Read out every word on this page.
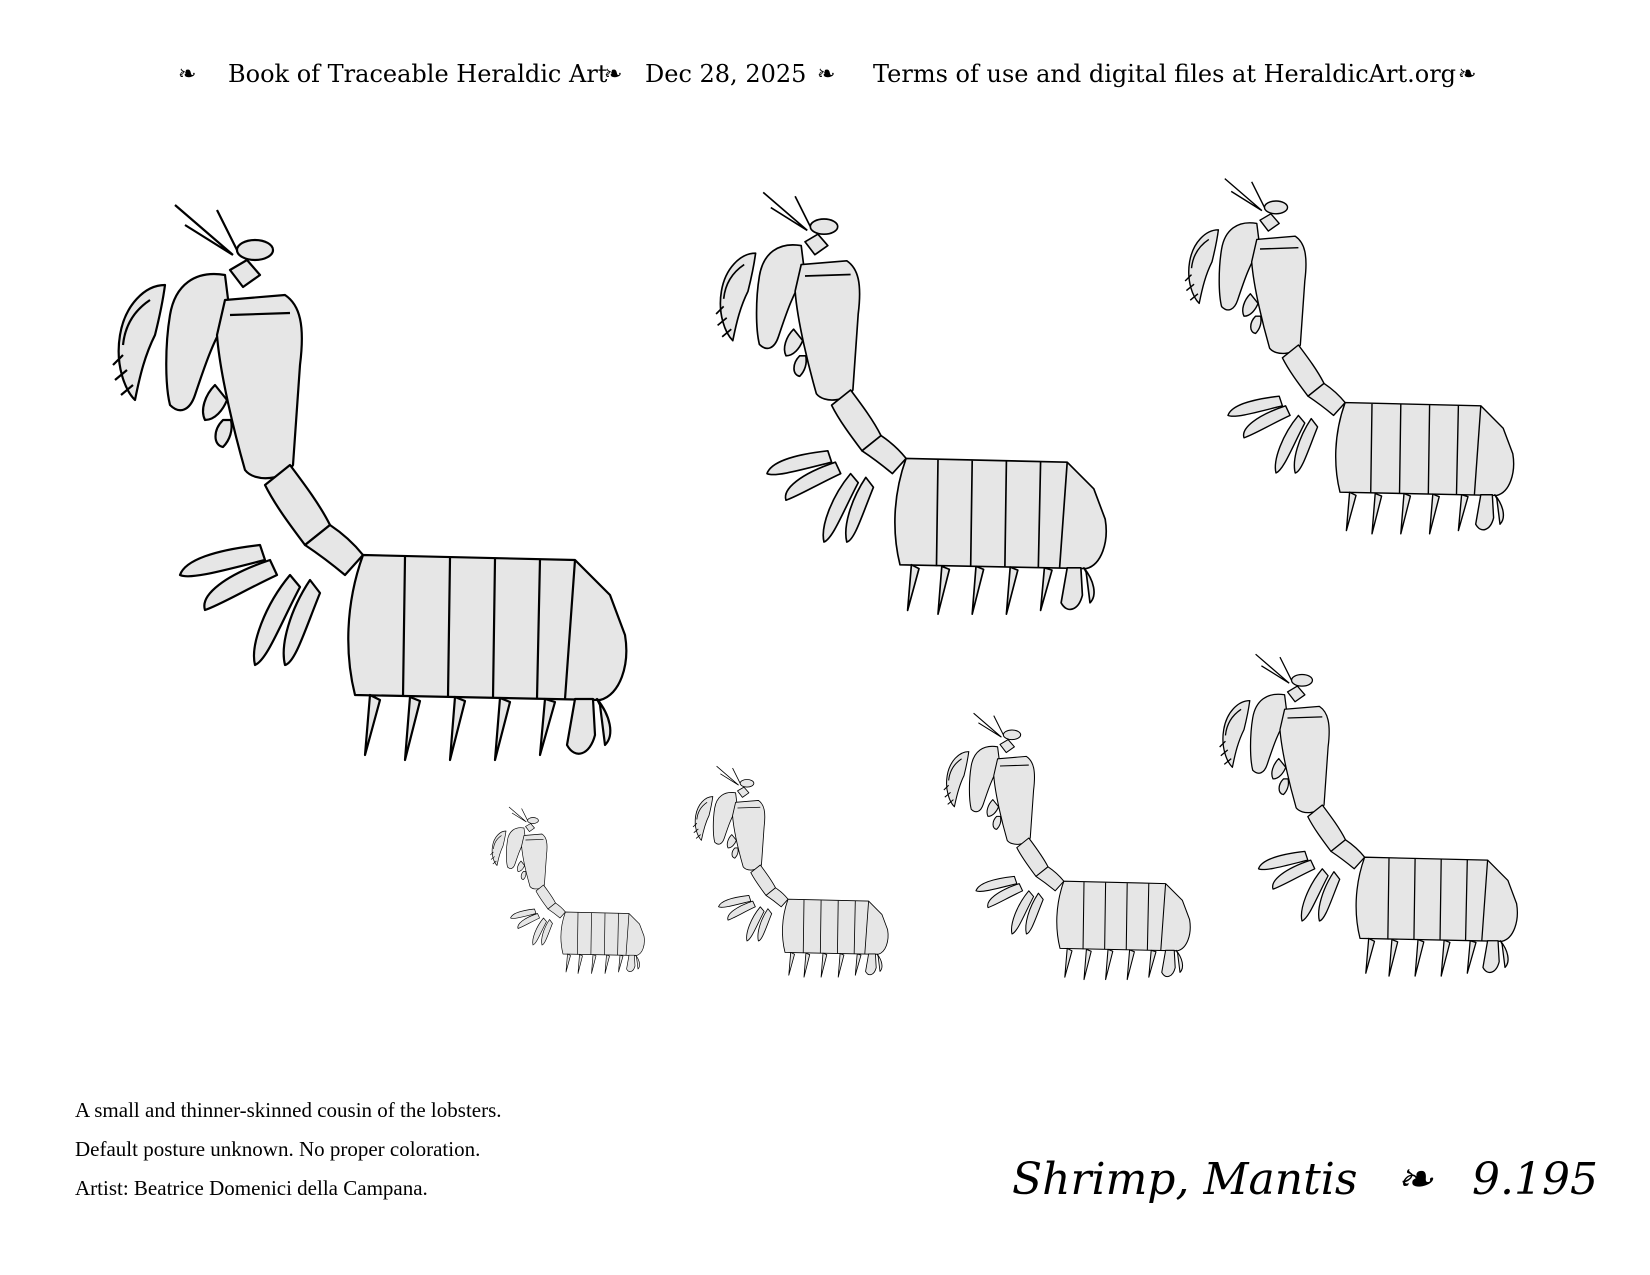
❧ Book of Traceable Heraldic Art
❧ Dec 28, 2025 ❧ Terms of use and digital files at HeraldicArt.org ❧

A small and thinner-skinned cousin of the lobsters.

Default posture unknown. No proper coloration.

Artist: Beatrice Domenici della Campana.	Shrimp, Mantis ❧ 9.195
